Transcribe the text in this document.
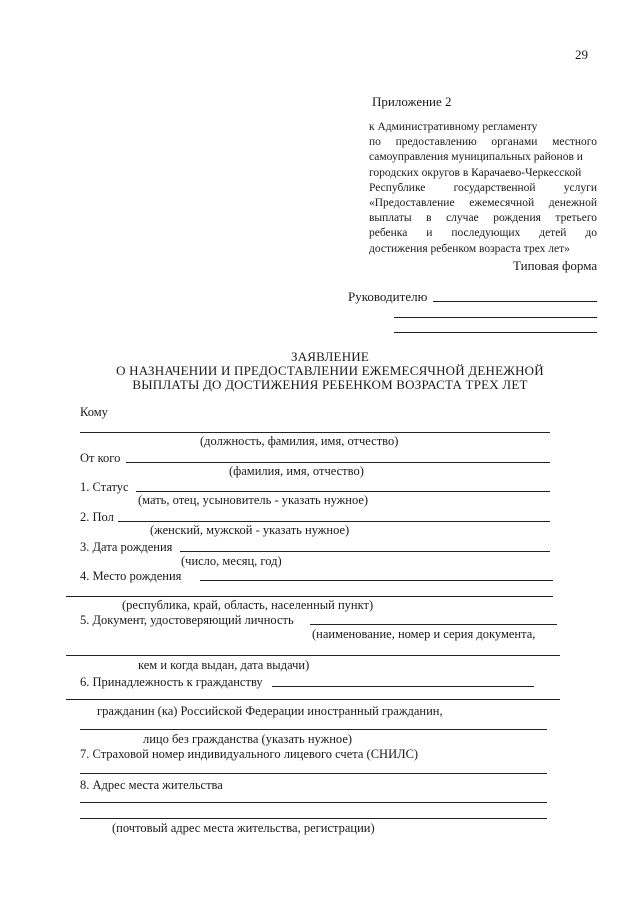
29
Приложение 2
к Административному регламенту
по предоставлению органами местного
самоуправления муниципальных районов и
городских округов в Карачаево-Черкесской
Республике государственной услуги
«Предоставление ежемесячной денежной
выплаты в случае рождения третьего
ребенка и последующих детей до
достижения ребенком возраста трех лет»
Типовая форма
Руководителю
ЗАЯВЛЕНИЕ
О НАЗНАЧЕНИИ И ПРЕДОСТАВЛЕНИИ ЕЖЕМЕСЯЧНОЙ ДЕНЕЖНОЙ
ВЫПЛАТЫ ДО ДОСТИЖЕНИЯ РЕБЕНКОМ ВОЗРАСТА ТРЕХ ЛЕТ
Кому
(должность, фамилия, имя, отчество)
От кого
(фамилия, имя, отчество)
1. Статус
(мать, отец, усыновитель - указать нужное)
2. Пол
(женский, мужской - указать нужное)
3. Дата рождения
(число, месяц, год)
4. Место рождения
(республика, край, область, населенный пункт)
5. Документ, удостоверяющий личность
(наименование, номер и серия документа,
кем и когда выдан, дата выдачи)
6. Принадлежность к гражданству
гражданин (ка) Российской Федерации иностранный гражданин,
лицо без гражданства (указать нужное)
7. Страховой номер индивидуального лицевого счета (СНИЛС)
8. Адрес места жительства
(почтовый адрес места жительства, регистрации)
